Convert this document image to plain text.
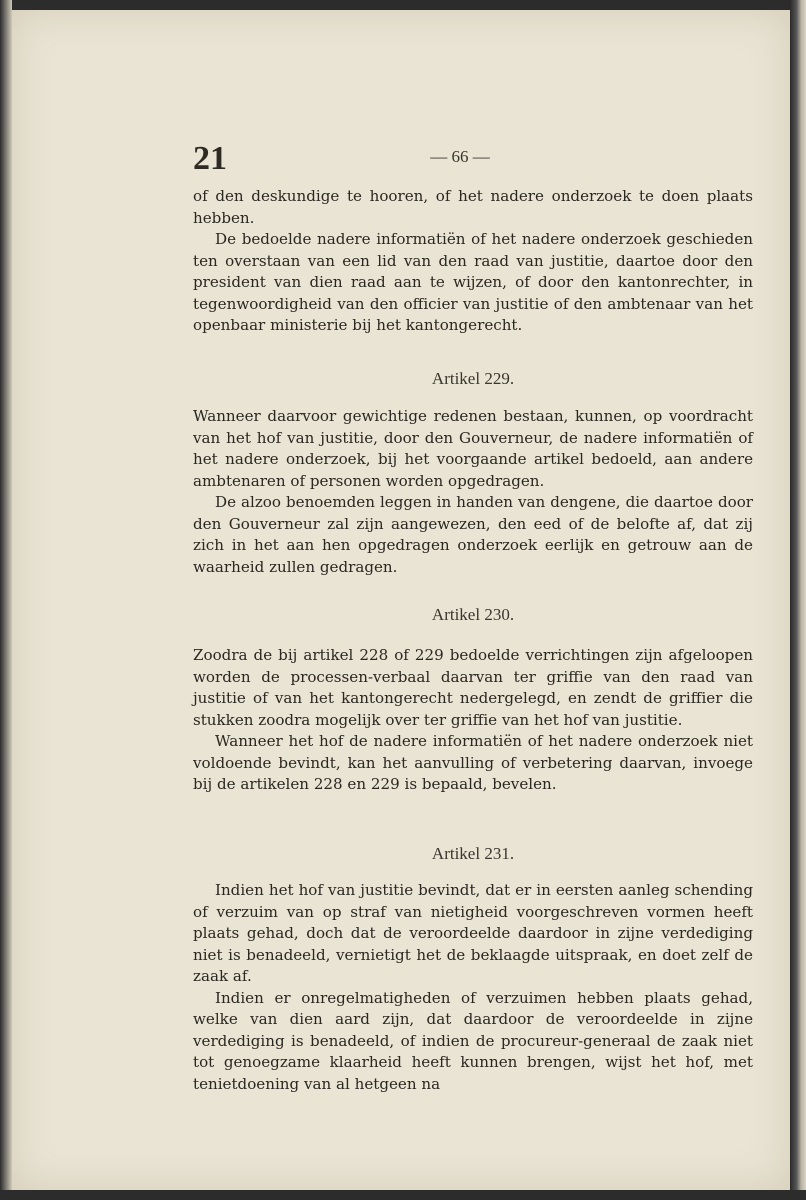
21	— 66 —

of den deskundige te hooren, of het nadere onderzoek te doen plaats hebben.

De bedoelde nadere informatiën of het nadere onderzoek geschieden ten overstaan van een lid van den raad van justitie, daartoe door den president van dien raad aan te wijzen, of door den kantonrechter, in tegenwoordigheid van den officier van justitie of den ambtenaar van het openbaar ministerie bij het kantongerecht.

Artikel 229.

Wanneer daarvoor gewichtige redenen bestaan, kunnen, op voordracht van het hof van justitie, door den Gouverneur, de nadere informatiën of het nadere onderzoek, bij het voorgaande artikel bedoeld, aan andere ambtenaren of personen worden opgedragen.

De alzoo benoemden leggen in handen van dengene, die daartoe door den Gouverneur zal zijn aangewezen, den eed of de belofte af, dat zij zich in het aan hen opgedragen onderzoek eerlijk en getrouw aan de waarheid zullen gedragen.

Artikel 230.

Zoodra de bij artikel 228 of 229 bedoelde verrichtingen zijn afgeloopen worden de processen-verbaal daarvan ter griffie van den raad van justitie of van het kantongerecht nedergelegd, en zendt de griffier die stukken zoodra mogelijk over ter griffie van het hof van justitie.

Wanneer het hof de nadere informatiën of het nadere onderzoek niet voldoende bevindt, kan het aanvulling of verbetering daarvan, invoege bij de artikelen 228 en 229 is bepaald, bevelen.

Artikel 231.

Indien het hof van justitie bevindt, dat er in eersten aanleg schending of verzuim van op straf van nietigheid voorgeschreven vormen heeft plaats gehad, doch dat de veroordeelde daardoor in zijne verdediging niet is benadeeld, vernietigt het de beklaagde uitspraak, en doet zelf de zaak af.

Indien er onregelmatigheden of verzuimen hebben plaats gehad, welke van dien aard zijn, dat daardoor de veroordeelde in zijne verdediging is benadeeld, of indien de procureur-generaal de zaak niet tot genoegzame klaarheid heeft kunnen brengen, wijst het hof, met tenietdoening van al hetgeen na
